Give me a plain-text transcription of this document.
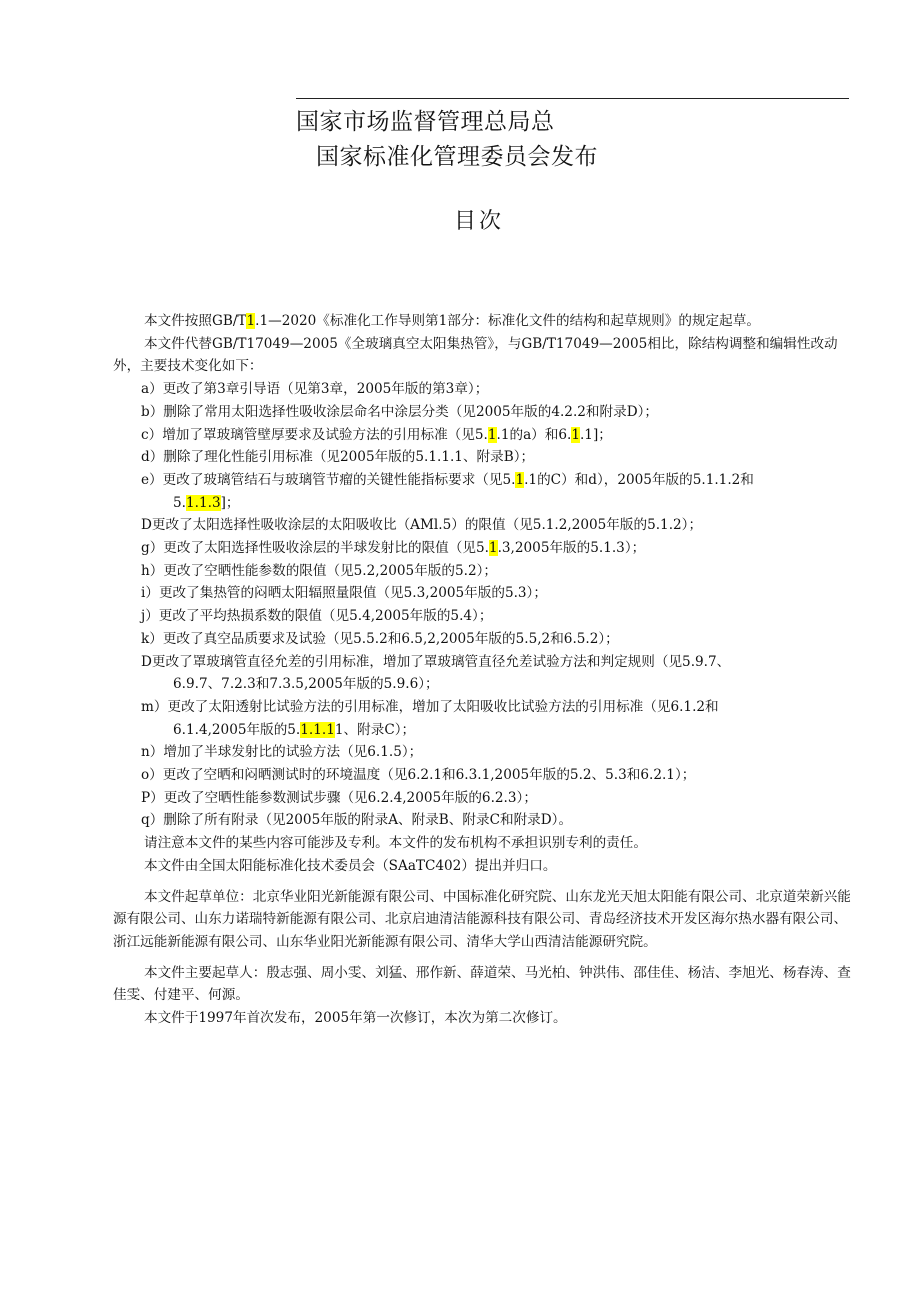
国家市场监督管理总局总
国家标准化管理委员会发布
目次

本文件按照GB/T1.1—2020《标准化工作导则第1部分：标准化文件的结构和起草规则》的规定起草。

本文件代替GB/T17049—2005《全玻璃真空太阳集热管》，与GB/T17049—2005相比，除结构调整和编辑性改动外，主要技术变化如下：

a）更改了第3章引导语（见第3章，2005年版的第3章）；

b）删除了常用太阳选择性吸收涂层命名中涂层分类（见2005年版的4.2.2和附录D）；

c）增加了罩玻璃管壁厚要求及试验方法的引用标准（见5.1.1的a）和6.1.1]；

d）删除了理化性能引用标准（见2005年版的5.1.1.1、附录B）；

e）更改了玻璃管结石与玻璃管节瘤的关键性能指标要求（见5.1.1的C）和d），2005年版的5.1.1.2和

5.1.1.3]；

D更改了太阳选择性吸收涂层的太阳吸收比（AMl.5）的限值（见5.1.2,2005年版的5.1.2）；

g）更改了太阳选择性吸收涂层的半球发射比的限值（见5.1.3,2005年版的5.1.3）；

h）更改了空晒性能参数的限值（见5.2,2005年版的5.2）；

i）更改了集热管的闷晒太阳辐照量限值（见5.3,2005年版的5.3）；

j）更改了平均热损系数的限值（见5.4,2005年版的5.4）；

k）更改了真空品质要求及试验（见5.5.2和6.5,2,2005年版的5.5,2和6.5.2）；

D更改了罩玻璃管直径允差的引用标准，增加了罩玻璃管直径允差试验方法和判定规则（见5.9.7、

6.9.7、7.2.3和7.3.5,2005年版的5.9.6）；

m）更改了太阳透射比试验方法的引用标准，增加了太阳吸收比试验方法的引用标准（见6.1.2和

6.1.4,2005年版的5.1.1.11、附录C）；

n）增加了半球发射比的试验方法（见6.1.5）；

o）更改了空晒和闷晒测试时的环境温度（见6.2.1和6.3.1,2005年版的5.2、5.3和6.2.1）；

P）更改了空晒性能参数测试步骤（见6.2.4,2005年版的6.2.3）；

q）删除了所有附录（见2005年版的附录A、附录B、附录C和附录D）。

请注意本文件的某些内容可能涉及专利。本文件的发布机构不承担识别专利的责任。

本文件由全国太阳能标准化技术委员会（SAaTC402）提出并归口。

本文件起草单位：北京华业阳光新能源有限公司、中国标准化研究院、山东龙光天旭太阳能有限公司、北京道荣新兴能源有限公司、山东力诺瑞特新能源有限公司、北京启迪清洁能源科技有限公司、青岛经济技术开发区海尔热水器有限公司、浙江远能新能源有限公司、山东华业阳光新能源有限公司、清华大学山西清洁能源研究院。

本文件主要起草人：殷志强、周小雯、刘猛、邢作新、薛道荣、马光柏、钟洪伟、邵佳佳、杨洁、李旭光、杨春涛、查佳雯、付建平、何源。

本文件于1997年首次发布，2005年第一次修订，本次为第二次修订。
